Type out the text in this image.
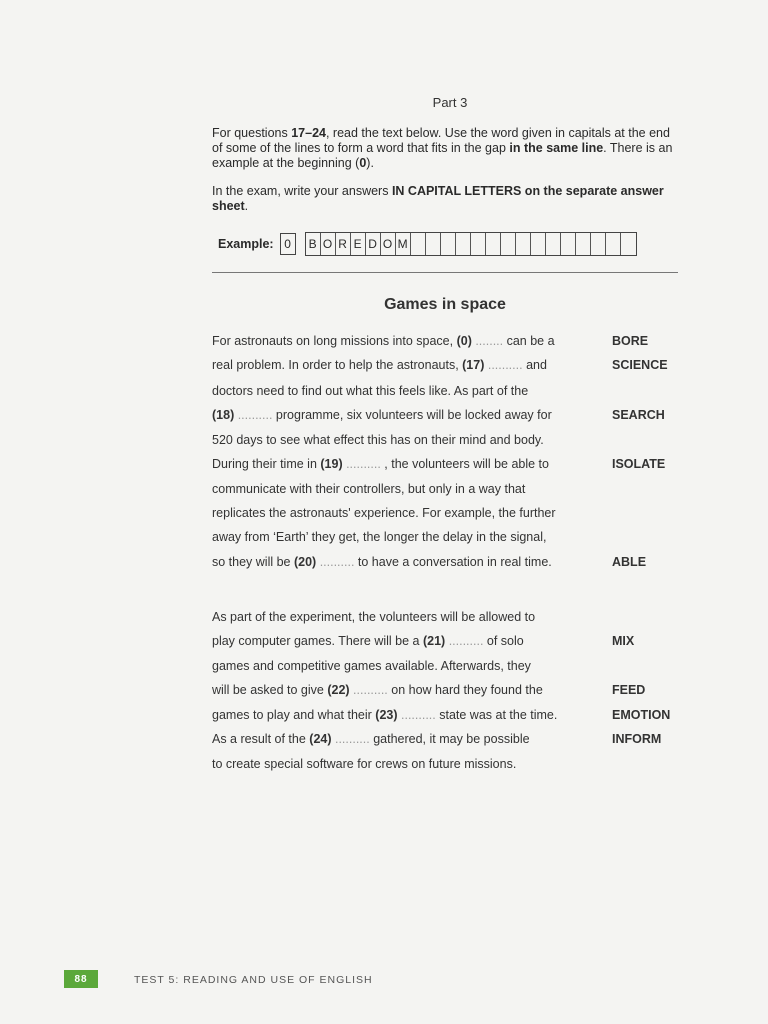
Part 3
For questions 17–24, read the text below. Use the word given in capitals at the end of some of the lines to form a word that fits in the gap in the same line. There is an example at the beginning (0).
In the exam, write your answers IN CAPITAL LETTERS on the separate answer sheet.
Example: 0	B O R E D O M
Games in space
For astronauts on long missions into space, (0) ........ can be a	BORE
real problem. In order to help the astronauts, (17) .......... and	SCIENCE
doctors need to find out what this feels like. As part of the
(18) .......... programme, six volunteers will be locked away for	SEARCH
520 days to see what effect this has on their mind and body.
During their time in (19) .......... , the volunteers will be able to	ISOLATE
communicate with their controllers, but only in a way that
replicates the astronauts' experience. For example, the further
away from ‘Earth’ they get, the longer the delay in the signal,
so they will be (20) .......... to have a conversation in real time.	ABLE
As part of the experiment, the volunteers will be allowed to
play computer games. There will be a (21) .......... of solo	MIX
games and competitive games available. Afterwards, they
will be asked to give (22) .......... on how hard they found the	FEED
games to play and what their (23) .......... state was at the time.	EMOTION
As a result of the (24) .......... gathered, it may be possible	INFORM
to create special software for crews on future missions.
88	TEST 5: READING AND USE OF ENGLISH
